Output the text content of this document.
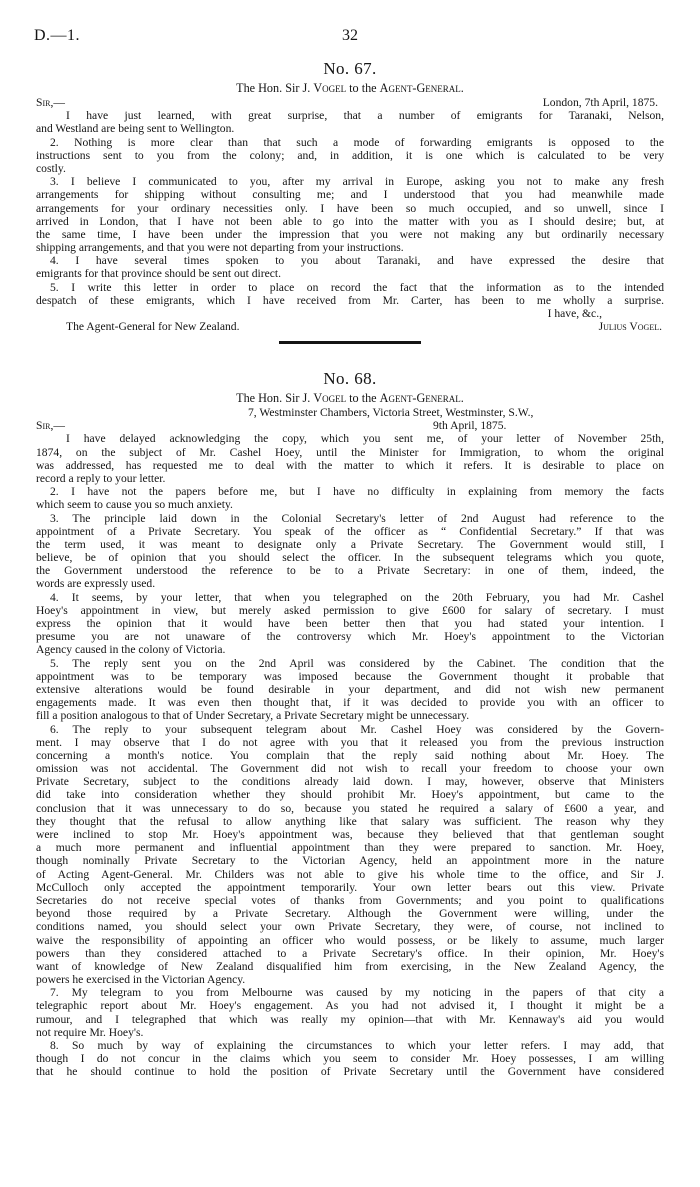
D.—1.	32
No. 67.
The Hon. Sir J. Vogel to the Agent-General.
Sir,—	London, 7th April, 1875.
I have just learned, with great surprise, that a number of emigrants for Taranaki, Nelson,
and Westland are being sent to Wellington.
2. Nothing is more clear than that such a mode of forwarding emigrants is opposed to the
instructions sent to you from the colony; and, in addition, it is one which is calculated to be very
costly.
3. I believe I communicated to you, after my arrival in Europe, asking you not to make any fresh
arrangements for shipping without consulting me; and I understood that you had meanwhile made
arrangements for your ordinary necessities only. I have been so much occupied, and so unwell, since I
arrived in London, that I have not been able to go into the matter with you as I should desire; but, at
the same time, I have been under the impression that you were not making any but ordinarily necessary
shipping arrangements, and that you were not departing from your instructions.
4. I have several times spoken to you about Taranaki, and have expressed the desire that
emigrants for that province should be sent out direct.
5. I write this letter in order to place on record the fact that the information as to the intended
despatch of these emigrants, which I have received from Mr. Carter, has been to me wholly a surprise.
I have, &c.,
The Agent-General for New Zealand.	Julius Vogel.
No. 68.
The Hon. Sir J. Vogel to the Agent-General.
7, Westminster Chambers, Victoria Street, Westminster, S.W.,
Sir,—	9th April, 1875.
I have delayed acknowledging the copy, which you sent me, of your letter of November 25th,
1874, on the subject of Mr. Cashel Hoey, until the Minister for Immigration, to whom the original
was addressed, has requested me to deal with the matter to which it refers. It is desirable to place on
record a reply to your letter.
2. I have not the papers before me, but I have no difficulty in explaining from memory the facts
which seem to cause you so much anxiety.
3. The principle laid down in the Colonial Secretary's letter of 2nd August had reference to the
appointment of a Private Secretary. You speak of the officer as “ Confidential Secretary.” If that was
the term used, it was meant to designate only a Private Secretary. The Government would still, I
believe, be of opinion that you should select the officer. In the subsequent telegrams which you quote,
the Government understood the reference to be to a Private Secretary: in one of them, indeed, the
words are expressly used.
4. It seems, by your letter, that when you telegraphed on the 20th February, you had Mr. Cashel
Hoey's appointment in view, but merely asked permission to give £600 for salary of secretary. I must
express the opinion that it would have been better then that you had stated your intention. I
presume you are not unaware of the controversy which Mr. Hoey's appointment to the Victorian
Agency caused in the colony of Victoria.
5. The reply sent you on the 2nd April was considered by the Cabinet. The condition that the
appointment was to be temporary was imposed because the Government thought it probable that
extensive alterations would be found desirable in your department, and did not wish new permanent
engagements made. It was even then thought that, if it was decided to provide you with an officer to
fill a position analogous to that of Under Secretary, a Private Secretary might be unnecessary.
6. The reply to your subsequent telegram about Mr. Cashel Hoey was considered by the Govern-
ment. I may observe that I do not agree with you that it released you from the previous instruction
concerning a month's notice. You complain that the reply said nothing about Mr. Hoey. The
omission was not accidental. The Government did not wish to recall your freedom to choose your own
Private Secretary, subject to the conditions already laid down. I may, however, observe that Ministers
did take into consideration whether they should prohibit Mr. Hoey's appointment, but came to the
conclusion that it was unnecessary to do so, because you stated he required a salary of £600 a year, and
they thought that the refusal to allow anything like that salary was sufficient. The reason why they
were inclined to stop Mr. Hoey's appointment was, because they believed that that gentleman sought
a much more permanent and influential appointment than they were prepared to sanction. Mr. Hoey,
though nominally Private Secretary to the Victorian Agency, held an appointment more in the nature
of Acting Agent-General. Mr. Childers was not able to give his whole time to the office, and Sir J.
McCulloch only accepted the appointment temporarily. Your own letter bears out this view. Private
Secretaries do not receive special votes of thanks from Governments; and you point to qualifications
beyond those required by a Private Secretary. Although the Government were willing, under the
conditions named, you should select your own Private Secretary, they were, of course, not inclined to
waive the responsibility of appointing an officer who would possess, or be likely to assume, much larger
powers than they considered attached to a Private Secretary's office. In their opinion, Mr. Hoey's
want of knowledge of New Zealand disqualified him from exercising, in the New Zealand Agency, the
powers he exercised in the Victorian Agency.
7. My telegram to you from Melbourne was caused by my noticing in the papers of that city a
telegraphic report about Mr. Hoey's engagement. As you had not advised it, I thought it might be a
rumour, and I telegraphed that which was really my opinion—that with Mr. Kennaway's aid you would
not require Mr. Hoey's.
8. So much by way of explaining the circumstances to which your letter refers. I may add, that
though I do not concur in the claims which you seem to consider Mr. Hoey possesses, I am willing
that he should continue to hold the position of Private Secretary until the Government have considered
